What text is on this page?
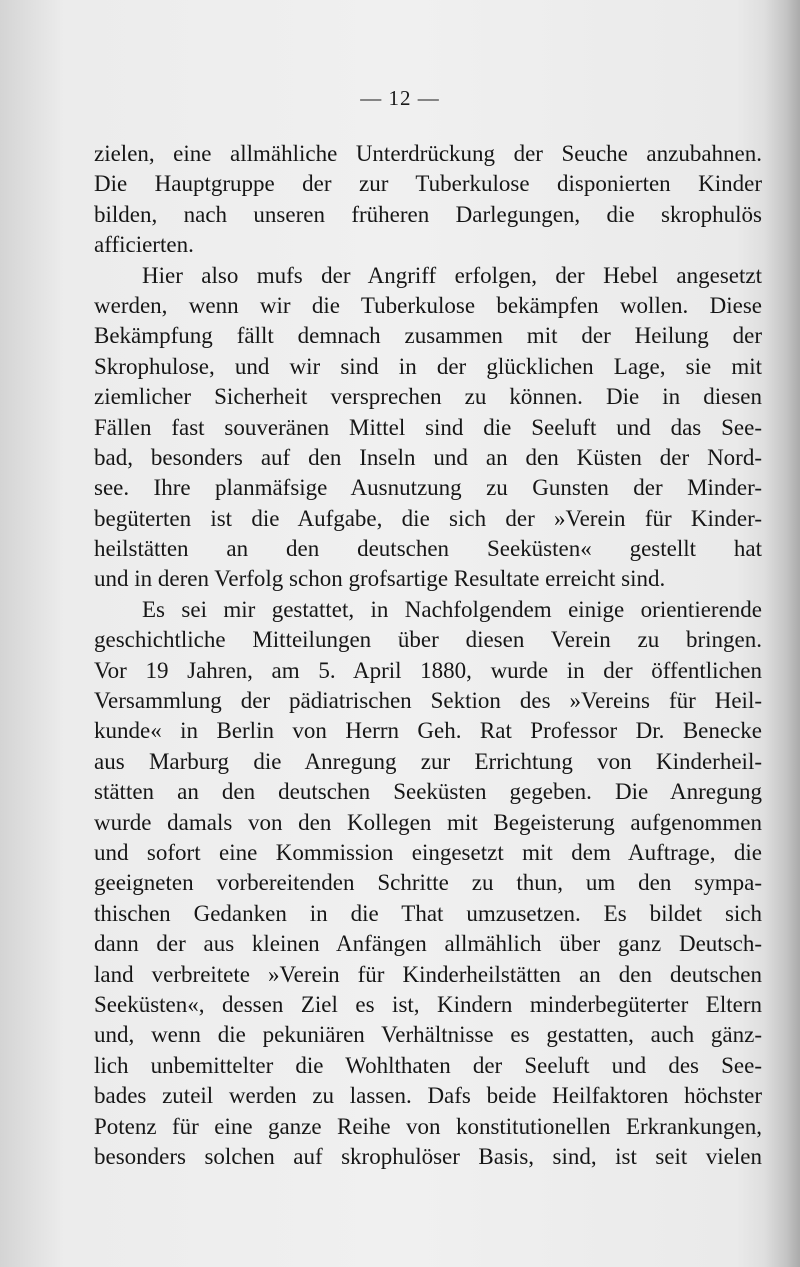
— 12 —
zielen, eine allmähliche Unterdrückung der Seuche anzubahnen.
Die Hauptgruppe der zur Tuberkulose disponierten Kinder
bilden, nach unseren früheren Darlegungen, die skrophulös
afficierten.
Hier also mufs der Angriff erfolgen, der Hebel angesetzt
werden, wenn wir die Tuberkulose bekämpfen wollen. Diese
Bekämpfung fällt demnach zusammen mit der Heilung der
Skrophulose, und wir sind in der glücklichen Lage, sie mit
ziemlicher Sicherheit versprechen zu können. Die in diesen
Fällen fast souveränen Mittel sind die Seeluft und das See-
bad, besonders auf den Inseln und an den Küsten der Nord-
see. Ihre planmäfsige Ausnutzung zu Gunsten der Minder-
begüterten ist die Aufgabe, die sich der »Verein für Kinder-
heilstätten an den deutschen Seeküsten« gestellt hat
und in deren Verfolg schon grofsartige Resultate erreicht sind.
Es sei mir gestattet, in Nachfolgendem einige orientierende
geschichtliche Mitteilungen über diesen Verein zu bringen.
Vor 19 Jahren, am 5. April 1880, wurde in der öffentlichen
Versammlung der pädiatrischen Sektion des »Vereins für Heil-
kunde« in Berlin von Herrn Geh. Rat Professor Dr. Benecke
aus Marburg die Anregung zur Errichtung von Kinderheil-
stätten an den deutschen Seeküsten gegeben. Die Anregung
wurde damals von den Kollegen mit Begeisterung aufgenommen
und sofort eine Kommission eingesetzt mit dem Auftrage, die
geeigneten vorbereitenden Schritte zu thun, um den sympa-
thischen Gedanken in die That umzusetzen. Es bildet sich
dann der aus kleinen Anfängen allmählich über ganz Deutsch-
land verbreitete »Verein für Kinderheilstätten an den deutschen
Seeküsten«, dessen Ziel es ist, Kindern minderbegüterter Eltern
und, wenn die pekuniären Verhältnisse es gestatten, auch gänz-
lich unbemittelter die Wohlthaten der Seeluft und des See-
bades zuteil werden zu lassen. Dafs beide Heilfaktoren höchster
Potenz für eine ganze Reihe von konstitutionellen Erkrankungen,
besonders solchen auf skrophulöser Basis, sind, ist seit vielen
